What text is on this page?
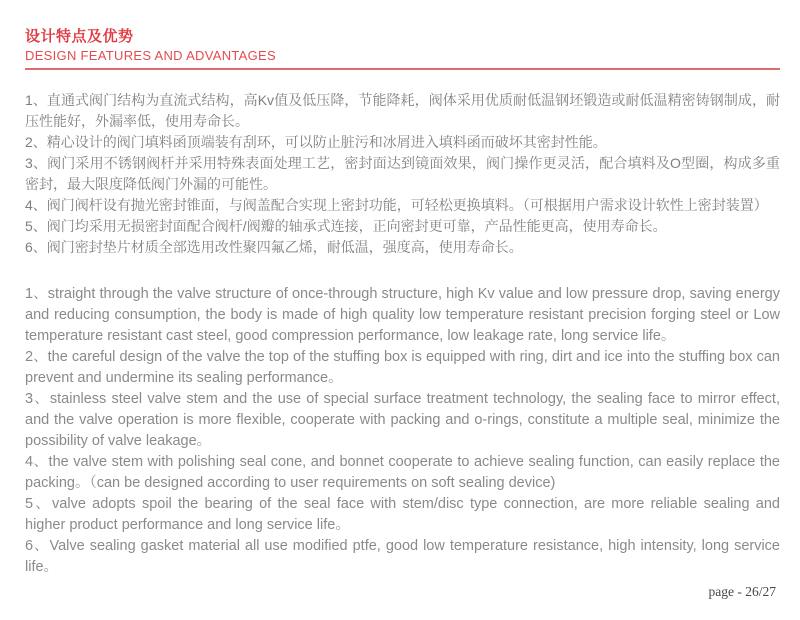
设计特点及优势
DESIGN FEATURES AND ADVANTAGES

1、直通式阀门结构为直流式结构，高Kv值及低压降，节能降耗，阀体采用优质耐低温钢坯锻造或耐低温精密铸钢制成，耐压性能好，外漏率低，使用寿命长。

2、精心设计的阀门填料函顶端装有刮环，可以防止脏污和冰屑进入填料函而破坏其密封性能。

3、阀门采用不锈钢阀杆并采用特殊表面处理工艺，密封面达到镜面效果，阀门操作更灵活，配合填料及O型圈，构成多重密封，最大限度降低阀门外漏的可能性。

4、阀门阀杆设有抛光密封锥面，与阀盖配合实现上密封功能，可轻松更换填料。（可根据用户需求设计软性上密封装置）

5、阀门均采用无损密封面配合阀杆/阀瓣的轴承式连接，正向密封更可靠，产品性能更高，使用寿命长。

6、阀门密封垫片材质全部选用改性聚四氟乙烯，耐低温，强度高，使用寿命长。

1、straight through the valve structure of once-through structure, high Kv value and low pressure drop, saving energy and reducing consumption, the body is made of high quality low temperature resistant precision forging steel or Low temperature resistant cast steel, good compression performance, low leakage rate, long service life。

2、the careful design of the valve the top of the stuffing box is equipped with ring, dirt and ice into the stuffing box can prevent and undermine its sealing performance。

3、stainless steel valve stem and the use of special surface treatment technology, the sealing face to mirror effect, and the valve operation is more flexible, cooperate with packing and o-rings, constitute a multiple seal, minimize the possibility of valve leakage。

4、the valve stem with polishing seal cone, and bonnet cooperate to achieve sealing function, can easily replace the packing。（can be designed according to user requirements on soft sealing device)

5、valve adopts spoil the bearing of the seal face with stem/disc type connection, are more reliable sealing and higher product performance and long service life。

6、Valve sealing gasket material all use modified ptfe, good low temperature resistance, high intensity, long service life。

page - 26/27
